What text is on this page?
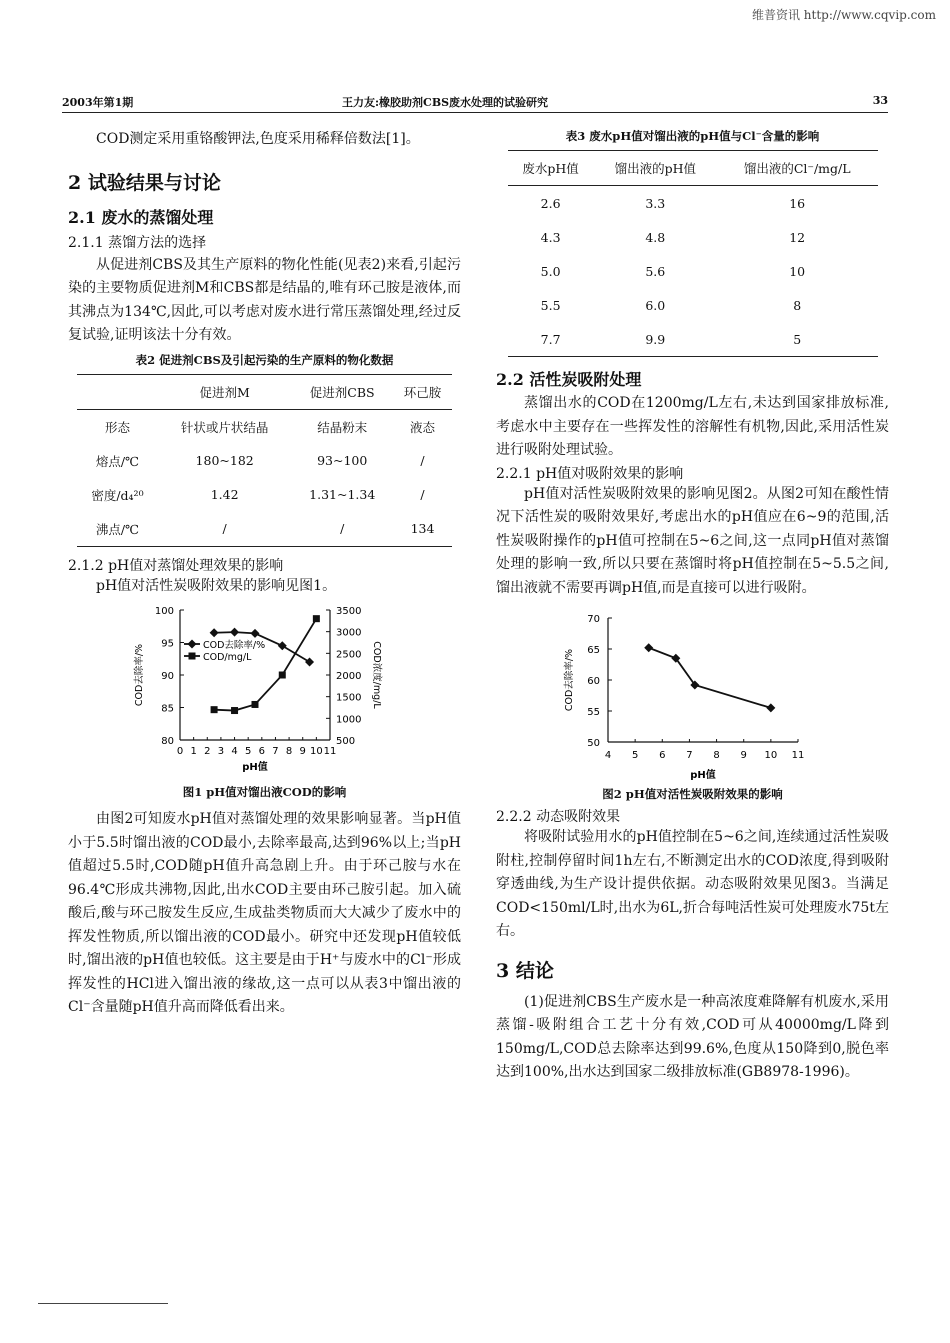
维普资讯 http://www.cqvip.com
2003年第1期	王力友:橡胶助剂CBS废水处理的试验研究	33

COD测定采用重铬酸钾法,色度采用稀释倍数法[1]。

2 试验结果与讨论

2.1 废水的蒸馏处理

2.1.1 蒸馏方法的选择

从促进剂CBS及其生产原料的物化性能(见表2)来看,引起污染的主要物质促进剂M和CBS都是结晶的,唯有环己胺是液体,而其沸点为134℃,因此,可以考虑对废水进行常压蒸馏处理,经过反复试验,证明该法十分有效。

表2 促进剂CBS及引起污染的生产原料的物化数据

	促进剂M	促进剂CBS	环己胺
形态	针状或片状结晶	结晶粉末	液态
熔点/℃	180~182	93~100	/
密度/d₄²⁰	1.42	1.31~1.34	/
沸点/℃	/	/	134

2.1.2 pH值对蒸馏处理效果的影响

pH值对活性炭吸附效果的影响见图1。

80
85
90
95
100
500
1000
1500
2000
2500
3000
3500
0 1 2 3 4 5 6 7 8 9 10 11
pH值
COD去除率/%	COD浓度/mg/L
COD去除率/%
COD/mg/L

图1 pH值对馏出液COD的影响

由图2可知废水pH值对蒸馏处理的效果影响显著。当pH值小于5.5时馏出液的COD最小,去除率最高,达到96%以上;当pH值超过5.5时,COD随pH值升高急剧上升。由于环己胺与水在96.4℃形成共沸物,因此,出水COD主要由环己胺引起。加入硫酸后,酸与环己胺发生反应,生成盐类物质而大大减少了废水中的挥发性物质,所以馏出液的COD最小。研究中还发现pH值较低时,馏出液的pH值也较低。这主要是由于H⁺与废水中的Cl⁻形成挥发性的HCl进入馏出液的缘故,这一点可以从表3中馏出液的Cl⁻含量随pH值升高而降低看出来。

表3 废水pH值对馏出液的pH值与Cl⁻含量的影响

废水pH值	馏出液的pH值	馏出液的Cl⁻/mg/L
2.6	3.3	16
4.3	4.8	12
5.0	5.6	10
5.5	6.0	8
7.7	9.9	5

2.2 活性炭吸附处理

蒸馏出水的COD在1200mg/L左右,未达到国家排放标准,考虑水中主要存在一些挥发性的溶解性有机物,因此,采用活性炭进行吸附处理试验。

2.2.1 pH值对吸附效果的影响

pH值对活性炭吸附效果的影响见图2。从图2可知在酸性情况下活性炭的吸附效果好,考虑出水的pH值应在6~9的范围,活性炭吸附操作的pH值可控制在5~6之间,这一点同pH值对蒸馏处理的影响一致,所以只要在蒸馏时将pH值控制在5~5.5之间,馏出液就不需要再调pH值,而是直接可以进行吸附。

50
55
60
65
70
4 5 6 7 8 9 10 11
pH值
COD去除率/%

图2 pH值对活性炭吸附效果的影响

2.2.2 动态吸附效果

将吸附试验用水的pH值控制在5~6之间,连续通过活性炭吸附柱,控制停留时间1h左右,不断测定出水的COD浓度,得到吸附穿透曲线,为生产设计提供依据。动态吸附效果见图3。当满足COD<150ml/L时,出水为6L,折合每吨活性炭可处理废水75t左右。

3 结论

(1)促进剂CBS生产废水是一种高浓度难降解有机废水,采用蒸馏-吸附组合工艺十分有效,COD可从40000mg/L降到150mg/L,COD总去除率达到99.6%,色度从150降到0,脱色率达到100%,出水达到国家二级排放标准(GB8978-1996)。
